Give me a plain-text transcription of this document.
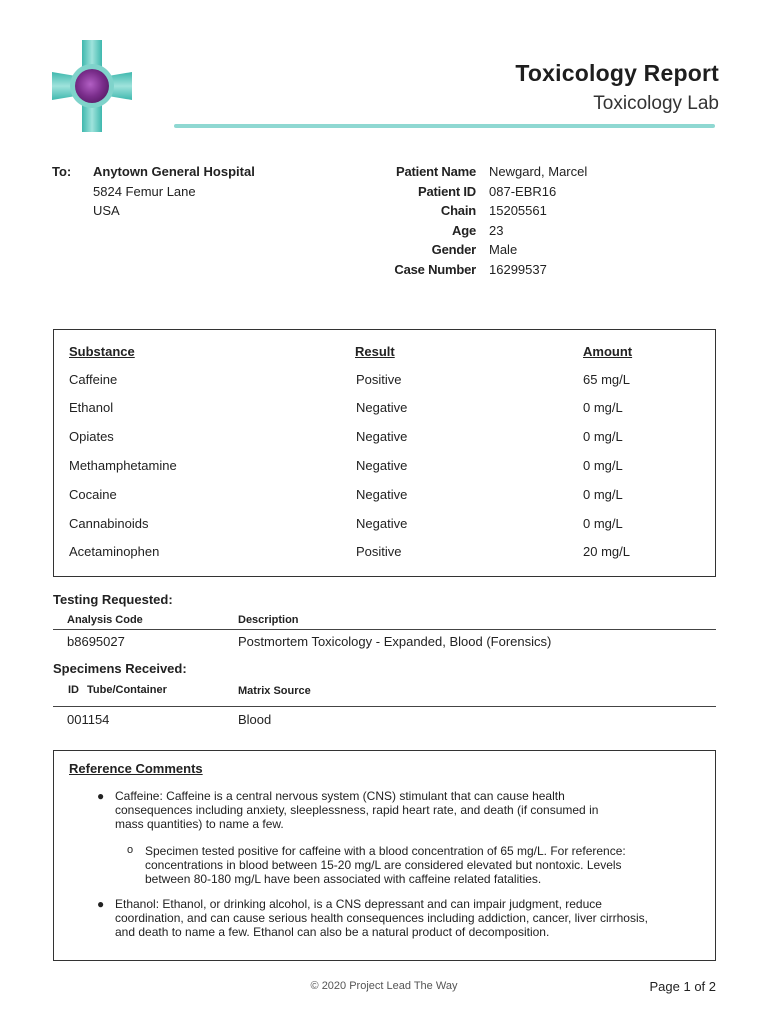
Toxicology Report
Toxicology Lab
To: Anytown General Hospital
5824 Femur Lane
USA
Patient Name Newgard, Marcel
Patient ID 087-EBR16
Chain 15205561
Age 23
Gender Male
Case Number 16299537
Substance	Result	Amount
Caffeine	Positive	65 mg/L
Ethanol	Negative	0 mg/L
Opiates	Negative	0 mg/L
Methamphetamine	Negative	0 mg/L
Cocaine	Negative	0 mg/L
Cannabinoids	Negative	0 mg/L
Acetaminophen	Positive	20 mg/L
Testing Requested:
Analysis Code	Description
b8695027	Postmortem Toxicology - Expanded, Blood (Forensics)
Specimens Received:
ID Tube/Container	Matrix Source
001154	Blood
Reference Comments
● Caffeine: Caffeine is a central nervous system (CNS) stimulant that can cause health
consequences including anxiety, sleeplessness, rapid heart rate, and death (if consumed in
mass quantities) to name a few.
o Specimen tested positive for caffeine with a blood concentration of 65 mg/L. For reference:
concentrations in blood between 15-20 mg/L are considered elevated but nontoxic. Levels
between 80-180 mg/L have been associated with caffeine related fatalities.
● Ethanol: Ethanol, or drinking alcohol, is a CNS depressant and can impair judgment, reduce
coordination, and can cause serious health consequences including addiction, cancer, liver cirrhosis,
and death to name a few. Ethanol can also be a natural product of decomposition.
© 2020 Project Lead The Way	Page 1 of 2
